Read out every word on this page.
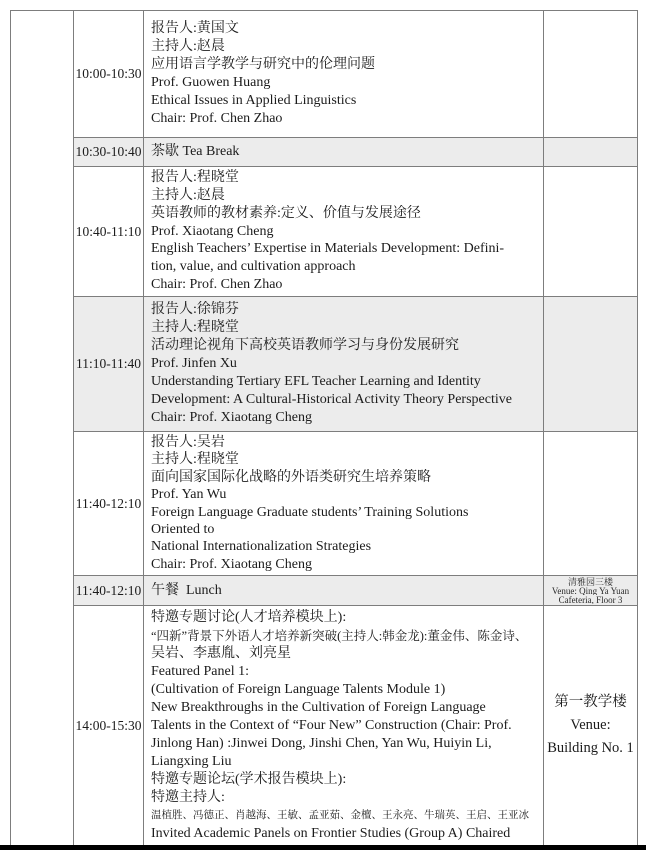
10:00-10:30
报告人:黄国文
主持人:赵晨
应用语言学教学与研究中的伦理问题
Prof. Guowen Huang
Ethical Issues in Applied Linguistics
Chair: Prof. Chen Zhao
10:30-10:40 茶歇 Tea Break
10:40-11:10
报告人:程晓堂
主持人:赵晨
英语教师的教材素养:定义、价值与发展途径
Prof. Xiaotang Cheng
English Teachers’ Expertise in Materials Development: Defini-
tion, value, and cultivation approach
Chair: Prof. Chen Zhao
11:10-11:40
报告人:徐锦芬
主持人:程晓堂
活动理论视角下高校英语教师学习与身份发展研究
Prof. Jinfen Xu
Understanding Tertiary EFL Teacher Learning and Identity
Development: A Cultural-Historical Activity Theory Perspective
Chair: Prof. Xiaotang Cheng
11:40-12:10
报告人:吴岩
主持人:程晓堂
面向国家国际化战略的外语类研究生培养策略
Prof. Yan Wu
Foreign Language Graduate students’ Training Solutions
Oriented to
National Internationalization Strategies
Chair: Prof. Xiaotang Cheng
11:40-12:10 午餐  Lunch
清雅园三楼
Venue: Qing Ya Yuan
Cafeteria, Floor 3
14:00-15:30
特邀专题讨论(人才培养模块上):
“四新”背景下外语人才培养新突破(主持人:韩金龙):董金伟、陈金诗、
吴岩、李惠胤、刘亮星
Featured Panel 1:
(Cultivation of Foreign Language Talents Module 1)
New Breakthroughs in the Cultivation of Foreign Language
Talents in the Context of “Four New” Construction (Chair: Prof.
Jinlong Han) :Jinwei Dong, Jinshi Chen, Yan Wu, Huiyin Li,
Liangxing Liu
特邀专题论坛(学术报告模块上):
特邀主持人:
温植胜、冯德正、肖越海、王敏、孟亚茹、金檀、王永亮、牛瑞英、王启、王亚冰
Invited Academic Panels on Frontier Studies (Group A) Chaired
第一教学楼
Venue:
Building No. 1
